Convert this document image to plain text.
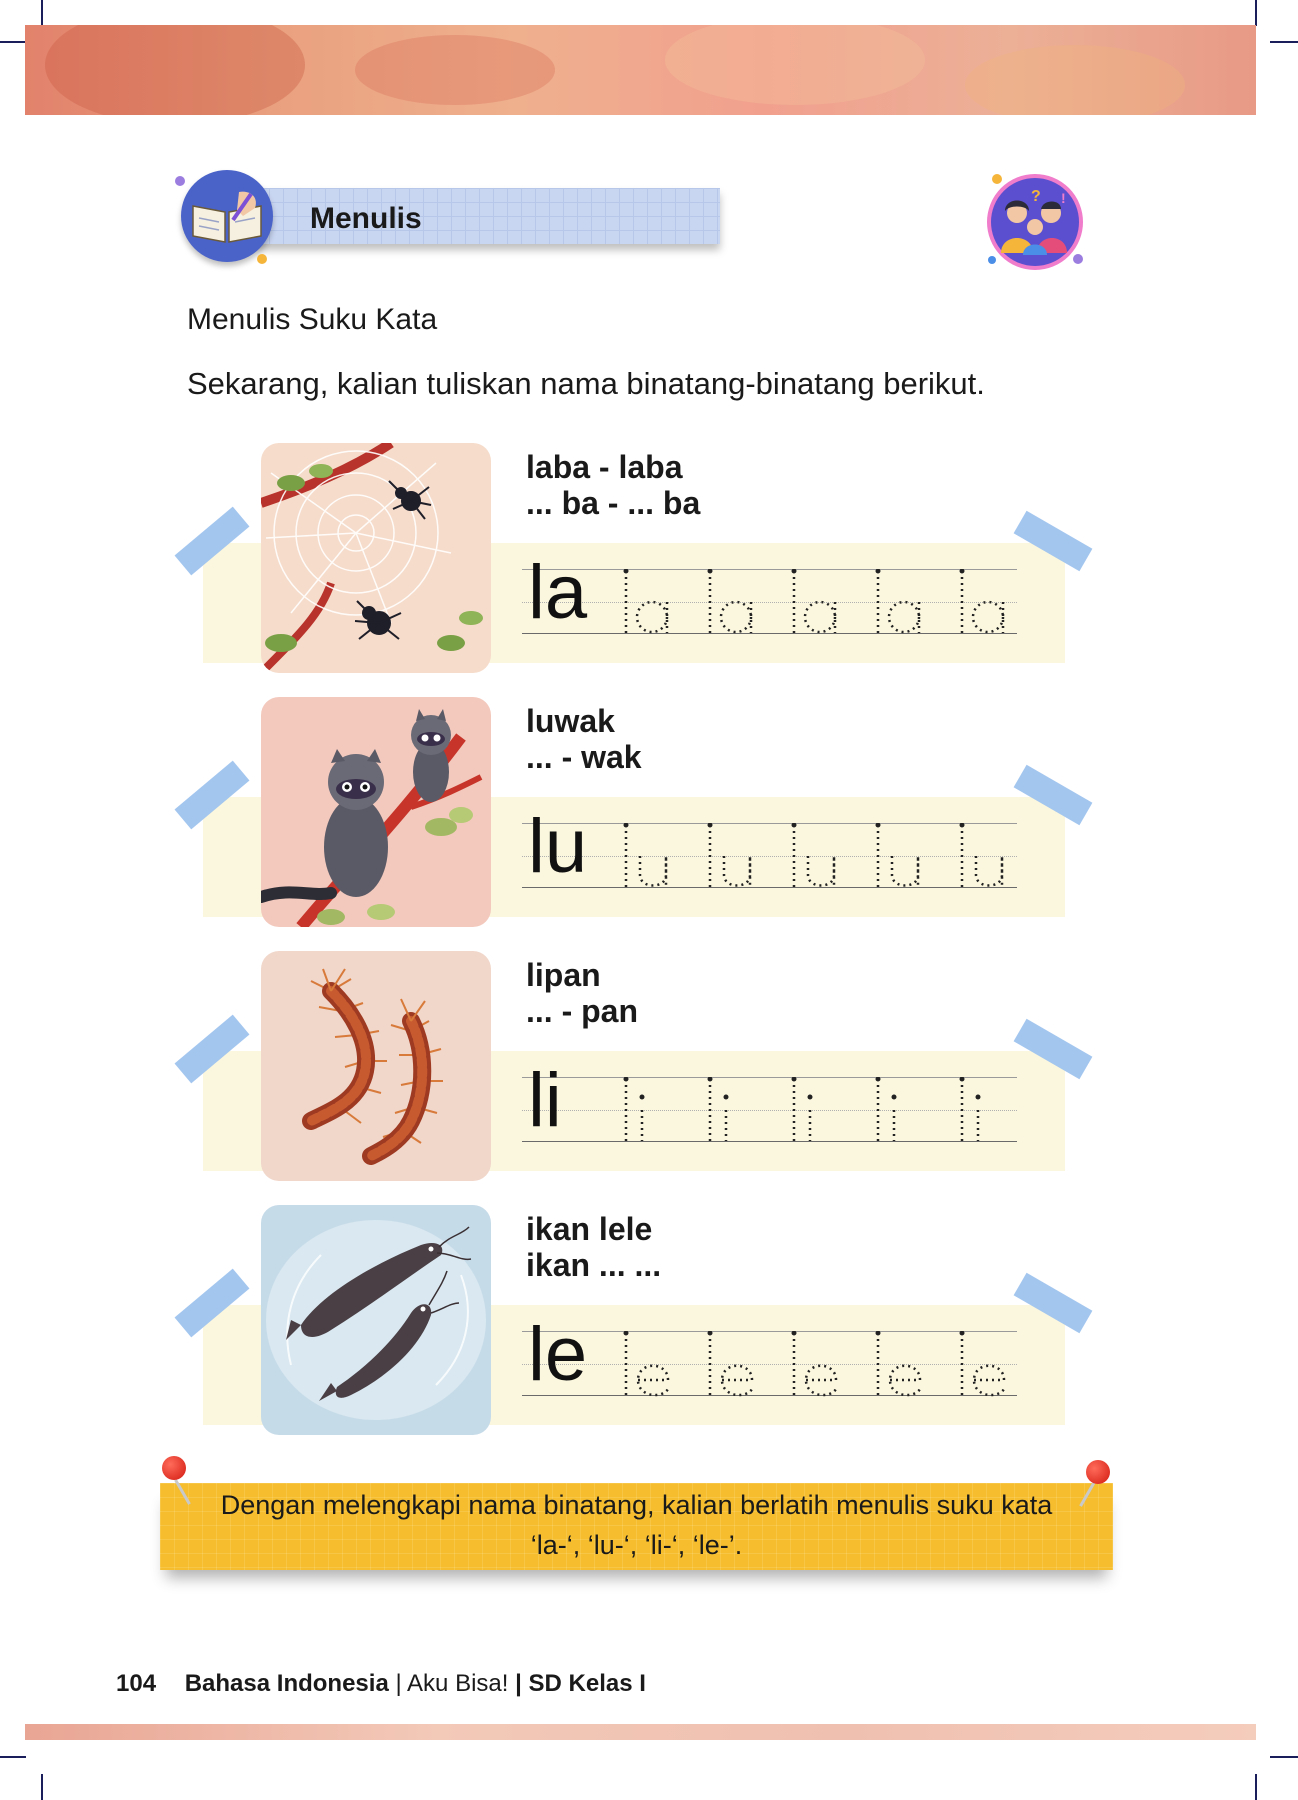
Menulis
? !
Menulis Suku Kata
Sekarang, kalian tuliskan nama binatang-binatang berikut.
laba - laba
... ba - ... ba
la
luwak
... - wak
lu
lipan
... - pan
li
ikan lele
ikan ... ...
le
Dengan melengkapi nama binatang, kalian berlatih menulis suku kata
‘la-‘, ‘lu-‘, ‘li-‘, ‘le-’.
104 Bahasa Indonesia | Aku Bisa! | SD Kelas I
